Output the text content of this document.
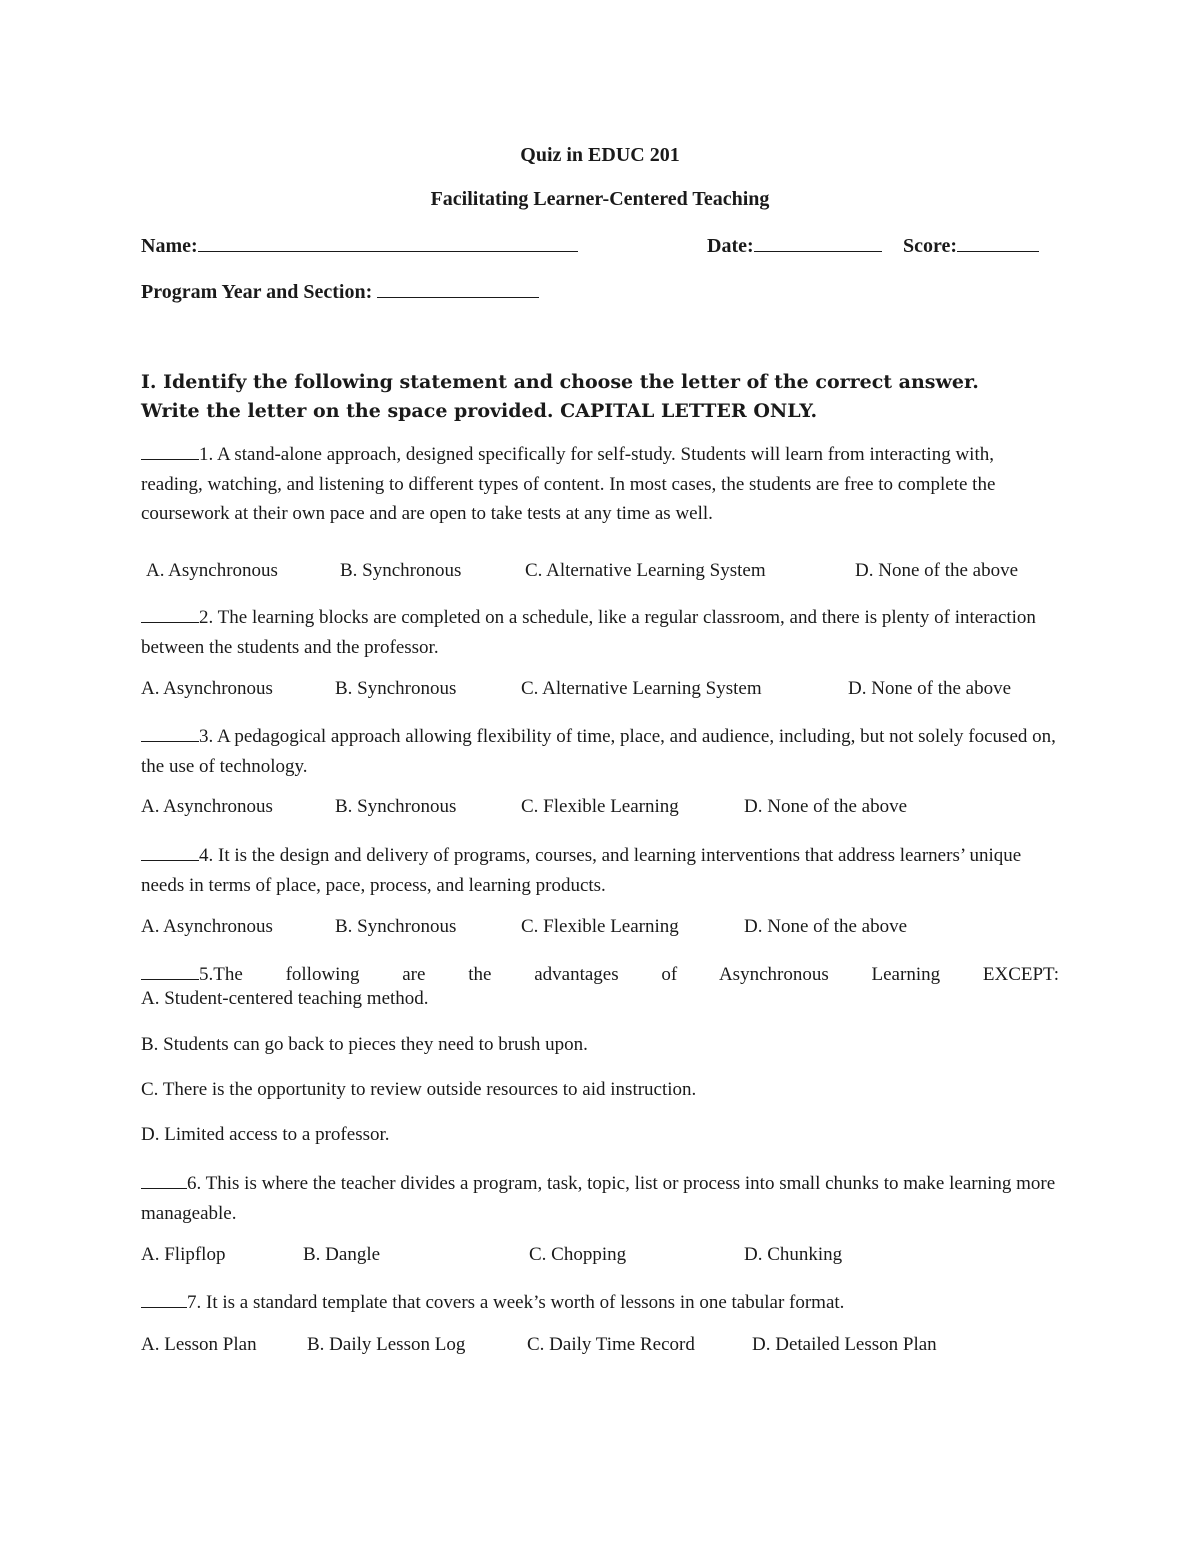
Quiz in EDUC 201
Facilitating Learner-Centered Teaching
Name:	Date:	Score:
Program Year and Section:
I. Identify the following statement and choose the letter of the correct answer. Write the letter on the space provided. CAPITAL LETTER ONLY.
1. A stand-alone approach, designed specifically for self-study. Students will learn from interacting with, reading, watching, and listening to different types of content. In most cases, the students are free to complete the coursework at their own pace and are open to take tests at any time as well.
A. Asynchronous	B. Synchronous	C. Alternative Learning System	D. None of the above
2. The learning blocks are completed on a schedule, like a regular classroom, and there is plenty of interaction between the students and the professor.
A. Asynchronous	B. Synchronous	C. Alternative Learning System	D. None of the above
3. A pedagogical approach allowing flexibility of time, place, and audience, including, but not solely focused on, the use of technology.
A. Asynchronous	B. Synchronous	C. Flexible Learning	D. None of the above
4. It is the design and delivery of programs, courses, and learning interventions that address learners’ unique needs in terms of place, pace, process, and learning products.
A. Asynchronous	B. Synchronous	C. Flexible Learning	D. None of the above
5.The following are the advantages of Asynchronous Learning EXCEPT:
A. Student-centered teaching method.
B. Students can go back to pieces they need to brush upon.
C. There is the opportunity to review outside resources to aid instruction.
D. Limited access to a professor.
6. This is where the teacher divides a program, task, topic, list or process into small chunks to make learning more manageable.
A. Flipflop	B. Dangle	C. Chopping	D. Chunking
7. It is a standard template that covers a week’s worth of lessons in one tabular format.
A. Lesson Plan	B. Daily Lesson Log	C. Daily Time Record	D. Detailed Lesson Plan
